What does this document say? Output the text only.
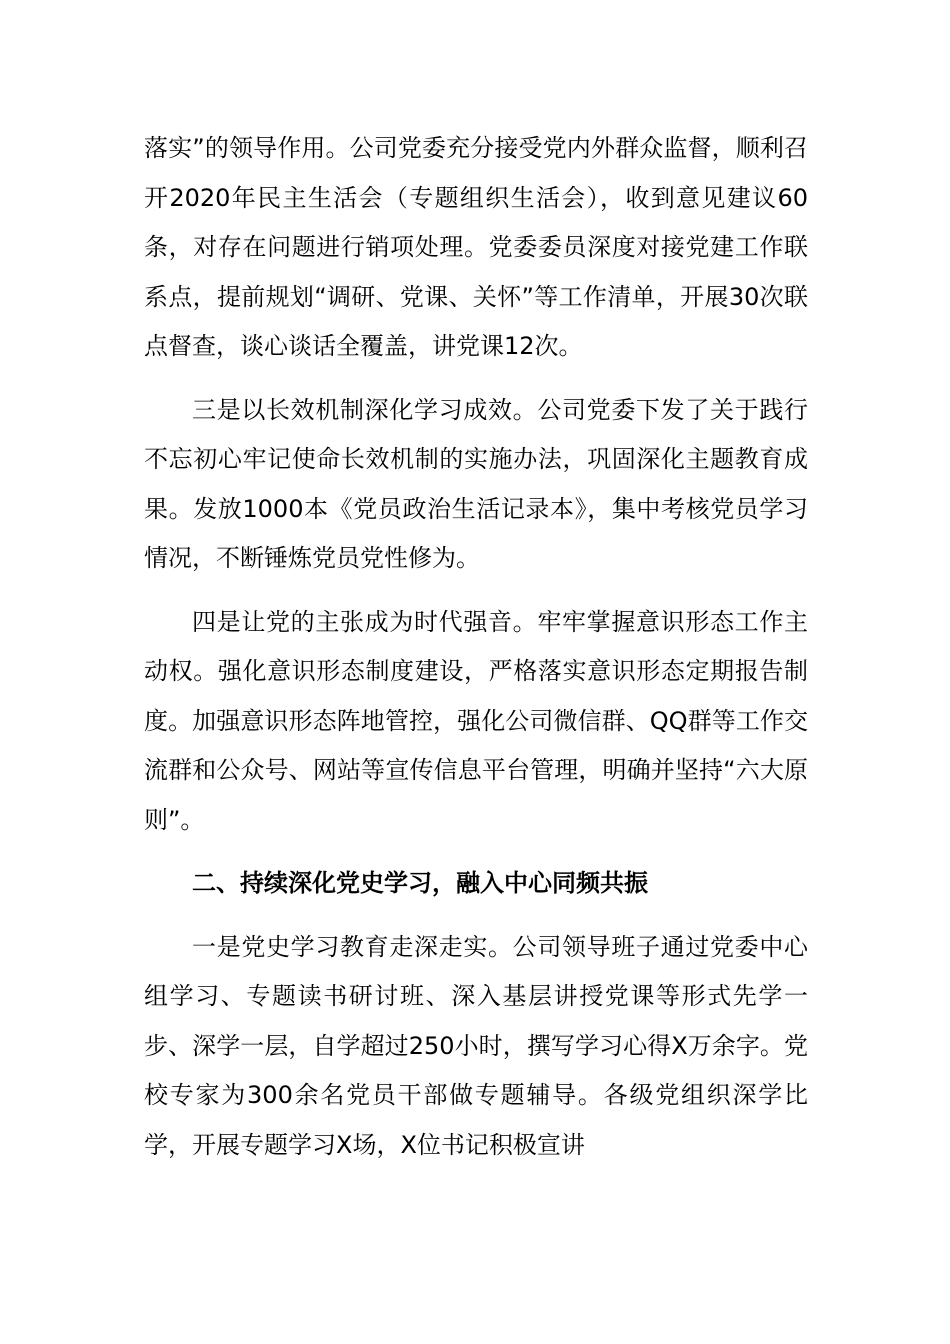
落实”的领导作用。公司党委充分接受党内外群众监督，顺利召开2020年民主生活会（专题组织生活会），收到意见建议60条，对存在问题进行销项处理。党委委员深度对接党建工作联系点，提前规划“调研、党课、关怀”等工作清单，开展30次联点督查，谈心谈话全覆盖，讲党课12次。

三是以长效机制深化学习成效。公司党委下发了关于践行不忘初心牢记使命长效机制的实施办法，巩固深化主题教育成果。发放1000本《党员政治生活记录本》，集中考核党员学习情况，不断锤炼党员党性修为。

四是让党的主张成为时代强音。牢牢掌握意识形态工作主动权。强化意识形态制度建设，严格落实意识形态定期报告制度。加强意识形态阵地管控，强化公司微信群、QQ群等工作交流群和公众号、网站等宣传信息平台管理，明确并坚持“六大原则”。

二、持续深化党史学习，融入中心同频共振

一是党史学习教育走深走实。公司领导班子通过党委中心组学习、专题读书研讨班、深入基层讲授党课等形式先学一步、深学一层，自学超过250小时，撰写学习心得X万余字。党校专家为300余名党员干部做专题辅导。各级党组织深学比学，开展专题学习X场，X位书记积极宣讲
